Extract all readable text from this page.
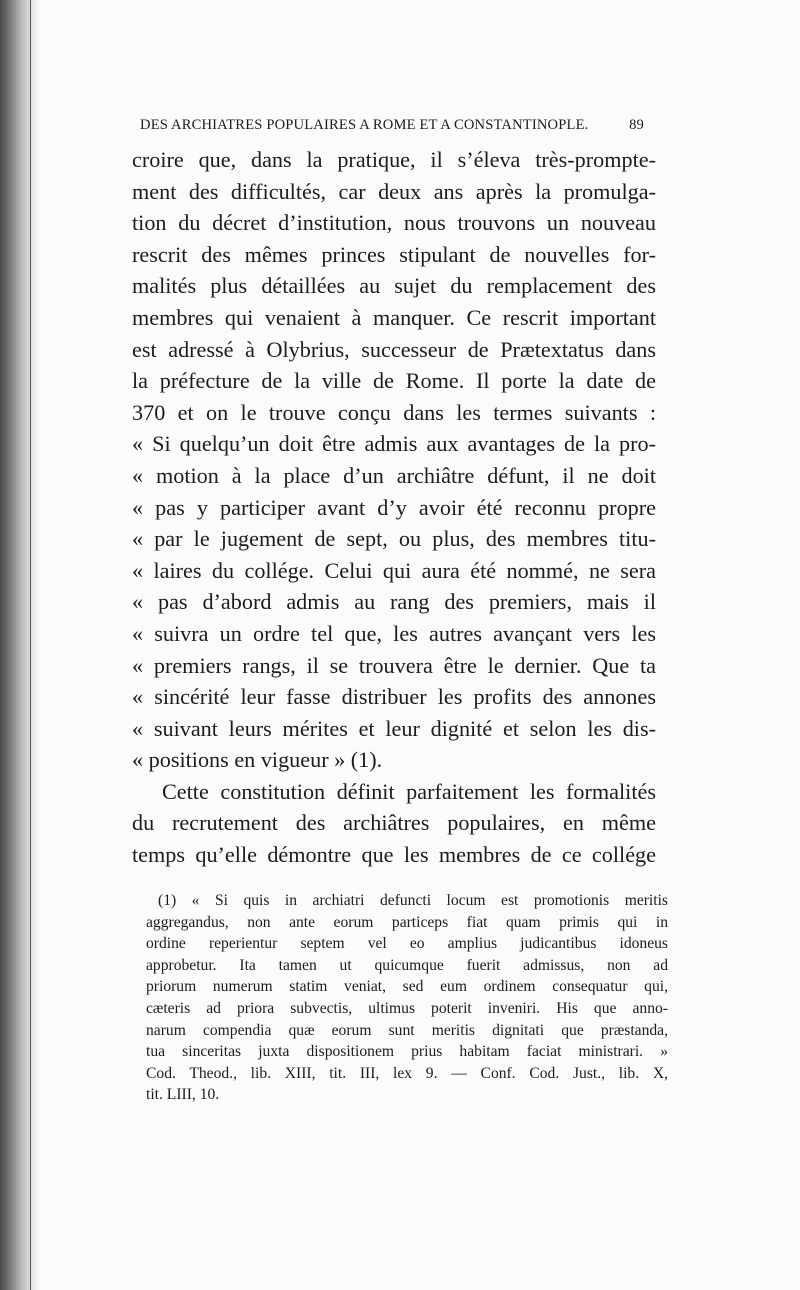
DES ARCHIATRES POPULAIRES A ROME ET A CONSTANTINOPLE.	89
croire que, dans la pratique, il s’éleva très-prompte-
ment des difficultés, car deux ans après la promulga-
tion du décret d’institution, nous trouvons un nouveau
rescrit des mêmes princes stipulant de nouvelles for-
malités plus détaillées au sujet du remplacement des
membres qui venaient à manquer. Ce rescrit important
est adressé à Olybrius, successeur de Prætextatus dans
la préfecture de la ville de Rome. Il porte la date de
370 et on le trouve conçu dans les termes suivants :
« Si quelqu’un doit être admis aux avantages de la pro-
« motion à la place d’un archiâtre défunt, il ne doit
« pas y participer avant d’y avoir été reconnu propre
« par le jugement de sept, ou plus, des membres titu-
« laires du collége. Celui qui aura été nommé, ne sera
« pas d’abord admis au rang des premiers, mais il
« suivra un ordre tel que, les autres avançant vers les
« premiers rangs, il se trouvera être le dernier. Que ta
« sincérité leur fasse distribuer les profits des annones
« suivant leurs mérites et leur dignité et selon les dis-
« positions en vigueur » (1).
Cette constitution définit parfaitement les formalités
du recrutement des archiâtres populaires, en même
temps qu’elle démontre que les membres de ce collége
(1) « Si quis in archiatri defuncti locum est promotionis meritis
aggregandus, non ante eorum particeps fiat quam primis qui in
ordine reperientur septem vel eo amplius judicantibus idoneus
approbetur. Ita tamen ut quicumque fuerit admissus, non ad
priorum numerum statim veniat, sed eum ordinem consequatur qui,
cæteris ad priora subvectis, ultimus poterit inveniri. His que anno-
narum compendia quæ eorum sunt meritis dignitati que præstanda,
tua sinceritas juxta dispositionem prius habitam faciat ministrari. »
Cod. Theod., lib. XIII, tit. III, lex 9. — Conf. Cod. Just., lib. X,
tit. LIII, 10.
